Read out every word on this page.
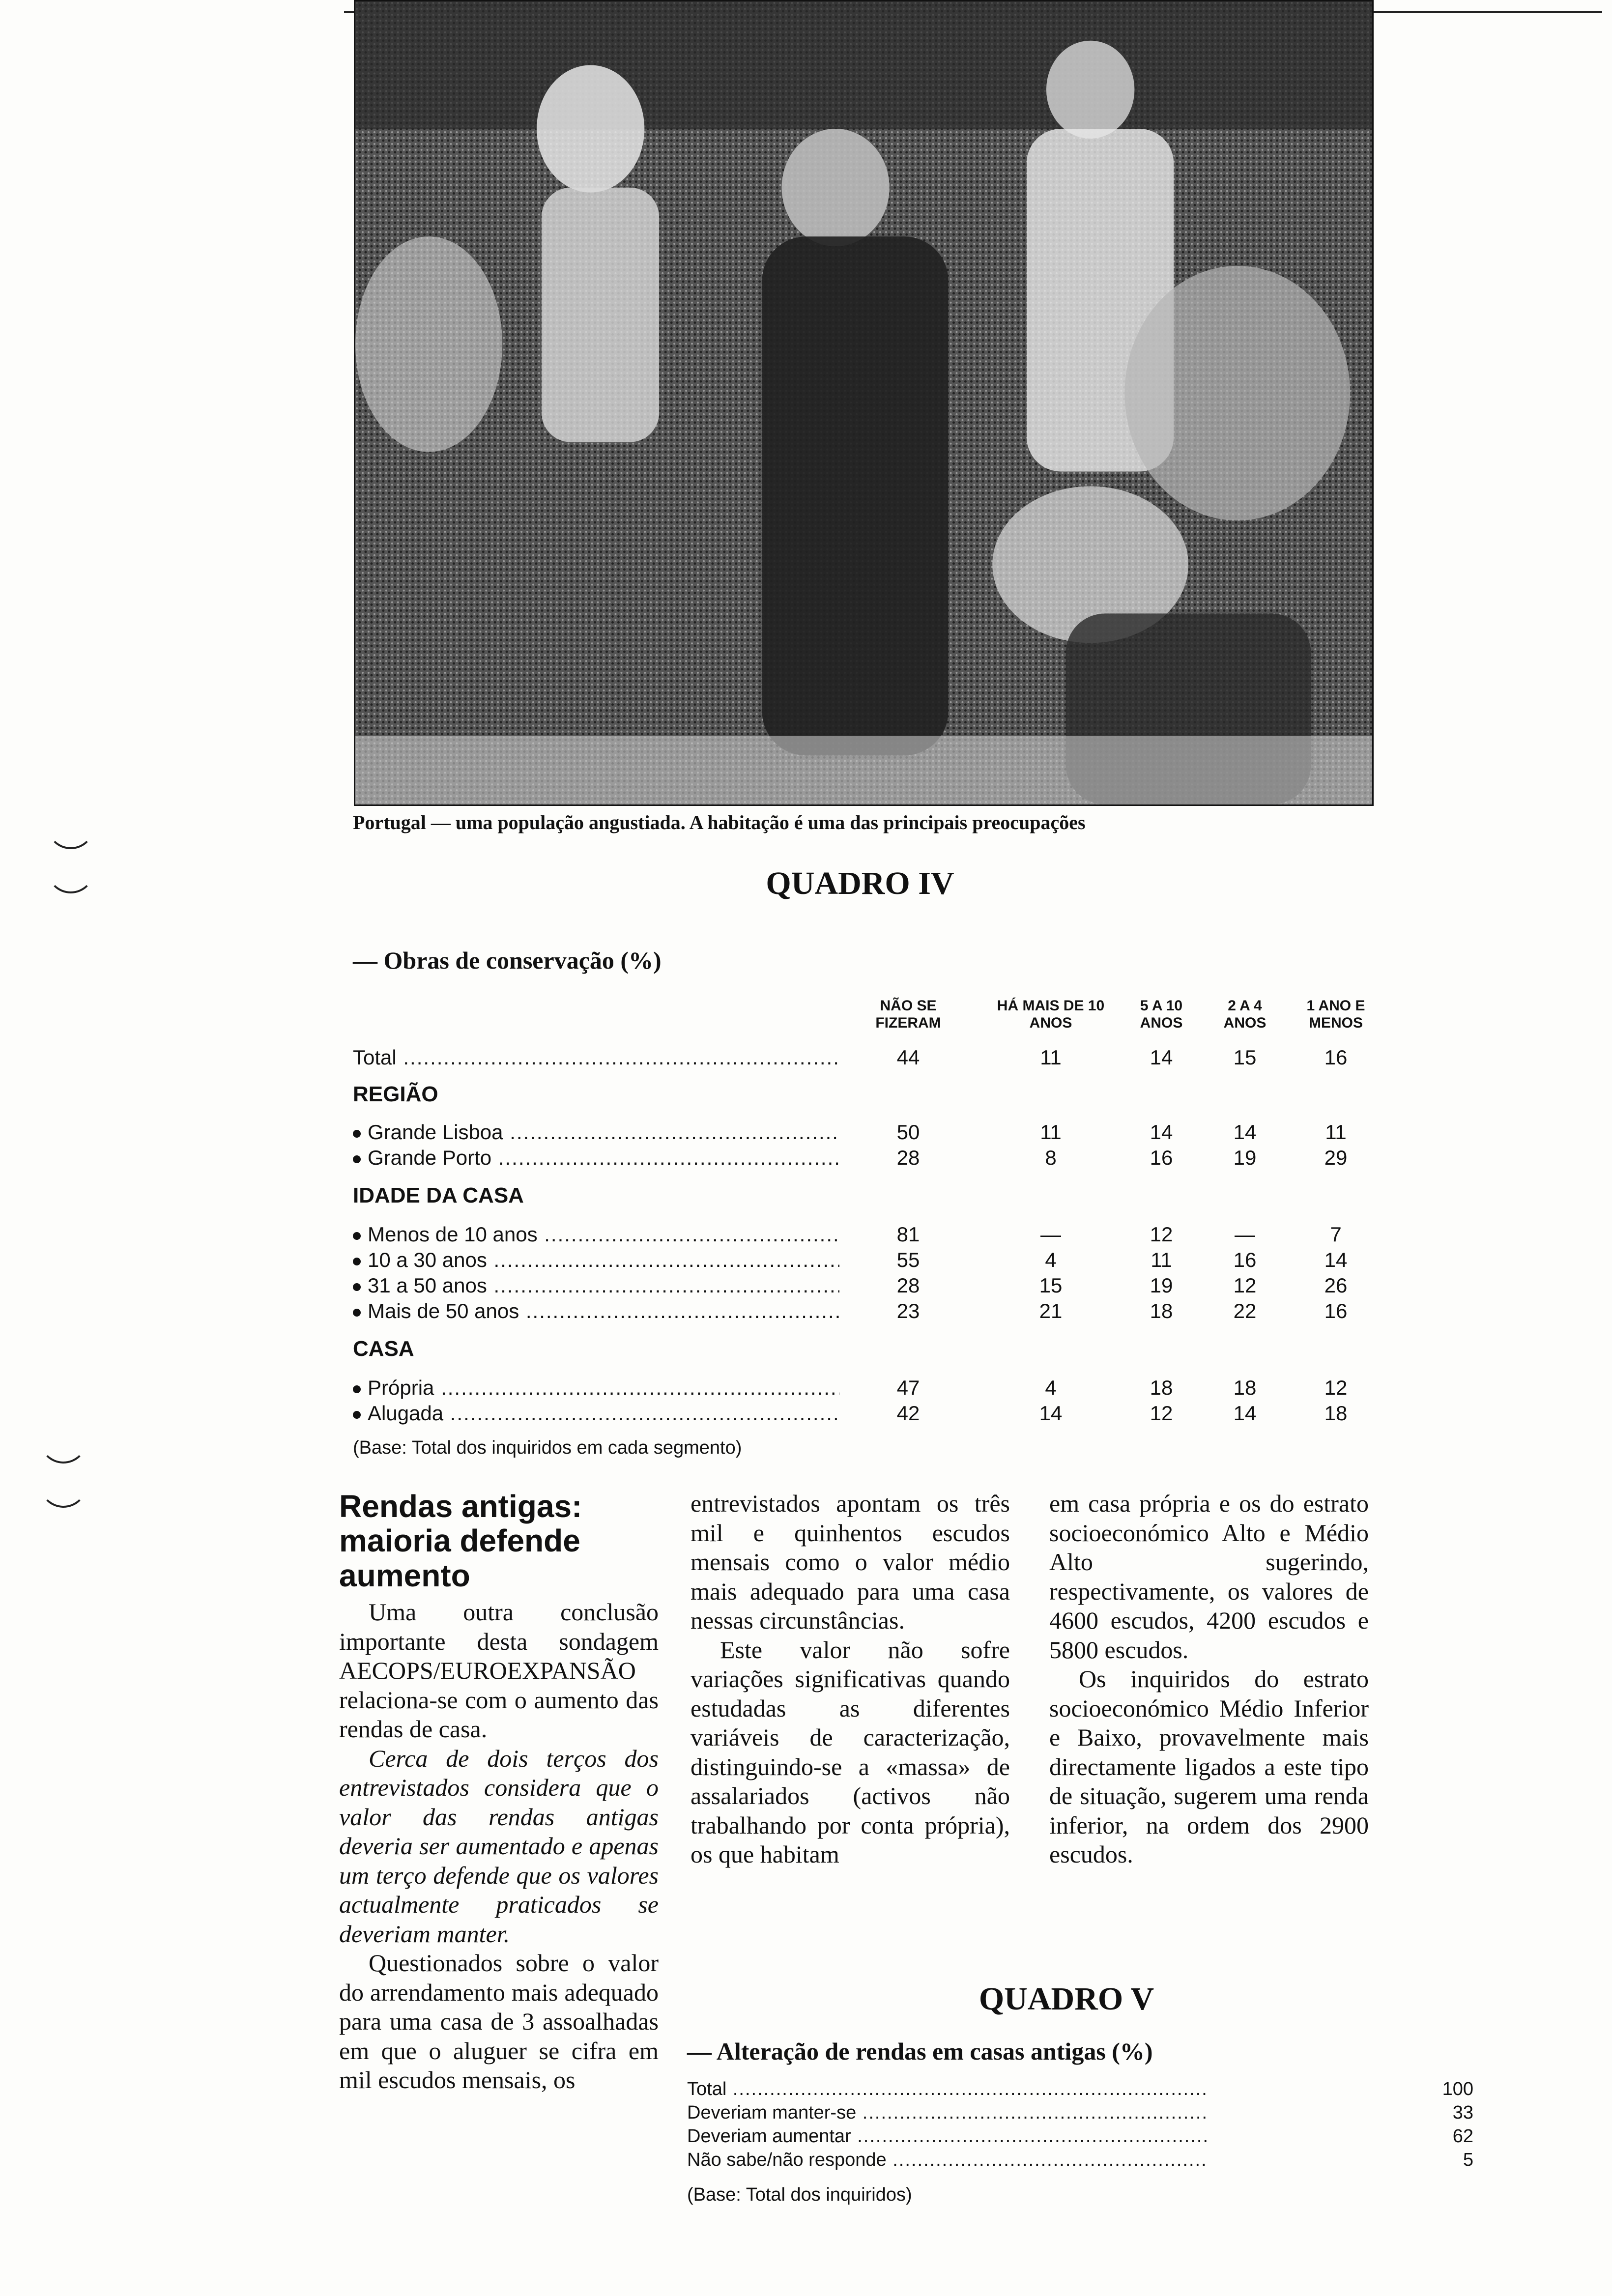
Portugal — uma população angustiada. A habitação é uma das principais preocupações
QUADRO IV
— Obras de conservação (%)
NÃO SE FIZERAM
HÁ MAIS DE 10 ANOS
5 A 10 ANOS
2 A 4 ANOS
1 ANO E MENOS
Total .....	44	11	14	15	16
REGIÃO
Grande Lisboa .....	50	11	14	14	11
Grande Porto .....	28	8	16	19	29
IDADE DA CASA
Menos de 10 anos .....	81	—	12	—	7
10 a 30 anos .....	55	4	11	16	14
31 a 50 anos .....	28	15	19	12	26
Mais de 50 anos .....	23	21	18	22	16
CASA
Própria .....	47	4	18	18	12
Alugada .....	42	14	12	14	18
(Base: Total dos inquiridos em cada segmento)
Rendas antigas: maioria defende aumento

Uma outra conclusão importante desta sondagem AECOPS/EUROEXPANSÃO relaciona-se com o aumento das rendas de casa.

Cerca de dois terços dos entrevistados considera que o valor das rendas antigas deveria ser aumentado e apenas um terço defende que os valores actualmente praticados se deveriam manter.

Questionados sobre o valor do arrendamento mais adequado para uma casa de 3 assoalhadas em que o aluguer se cifra em mil escudos mensais, os

entrevistados apontam os três mil e quinhentos escudos mensais como o valor médio mais adequado para uma casa nessas circunstâncias.

Este valor não sofre variações significativas quando estudadas as diferentes variáveis de caracterização, distinguindo-se a «massa» de assalariados (activos não trabalhando por conta própria), os que habitam

em casa própria e os do estrato socioeconómico Alto e Médio Alto sugerindo, respectivamente, os valores de 4600 escudos, 4200 escudos e 5800 escudos.

Os inquiridos do estrato socioeconómico Médio Inferior e Baixo, provavelmente mais directamente ligados a este tipo de situação, sugerem uma renda inferior, na ordem dos 2900 escudos.

QUADRO V
— Alteração de rendas em casas antigas (%)
Total .....	100
Deveriam manter-se .....	33
Deveriam aumentar .....	62
Não sabe/não responde .....	5
(Base: Total dos inquiridos)
